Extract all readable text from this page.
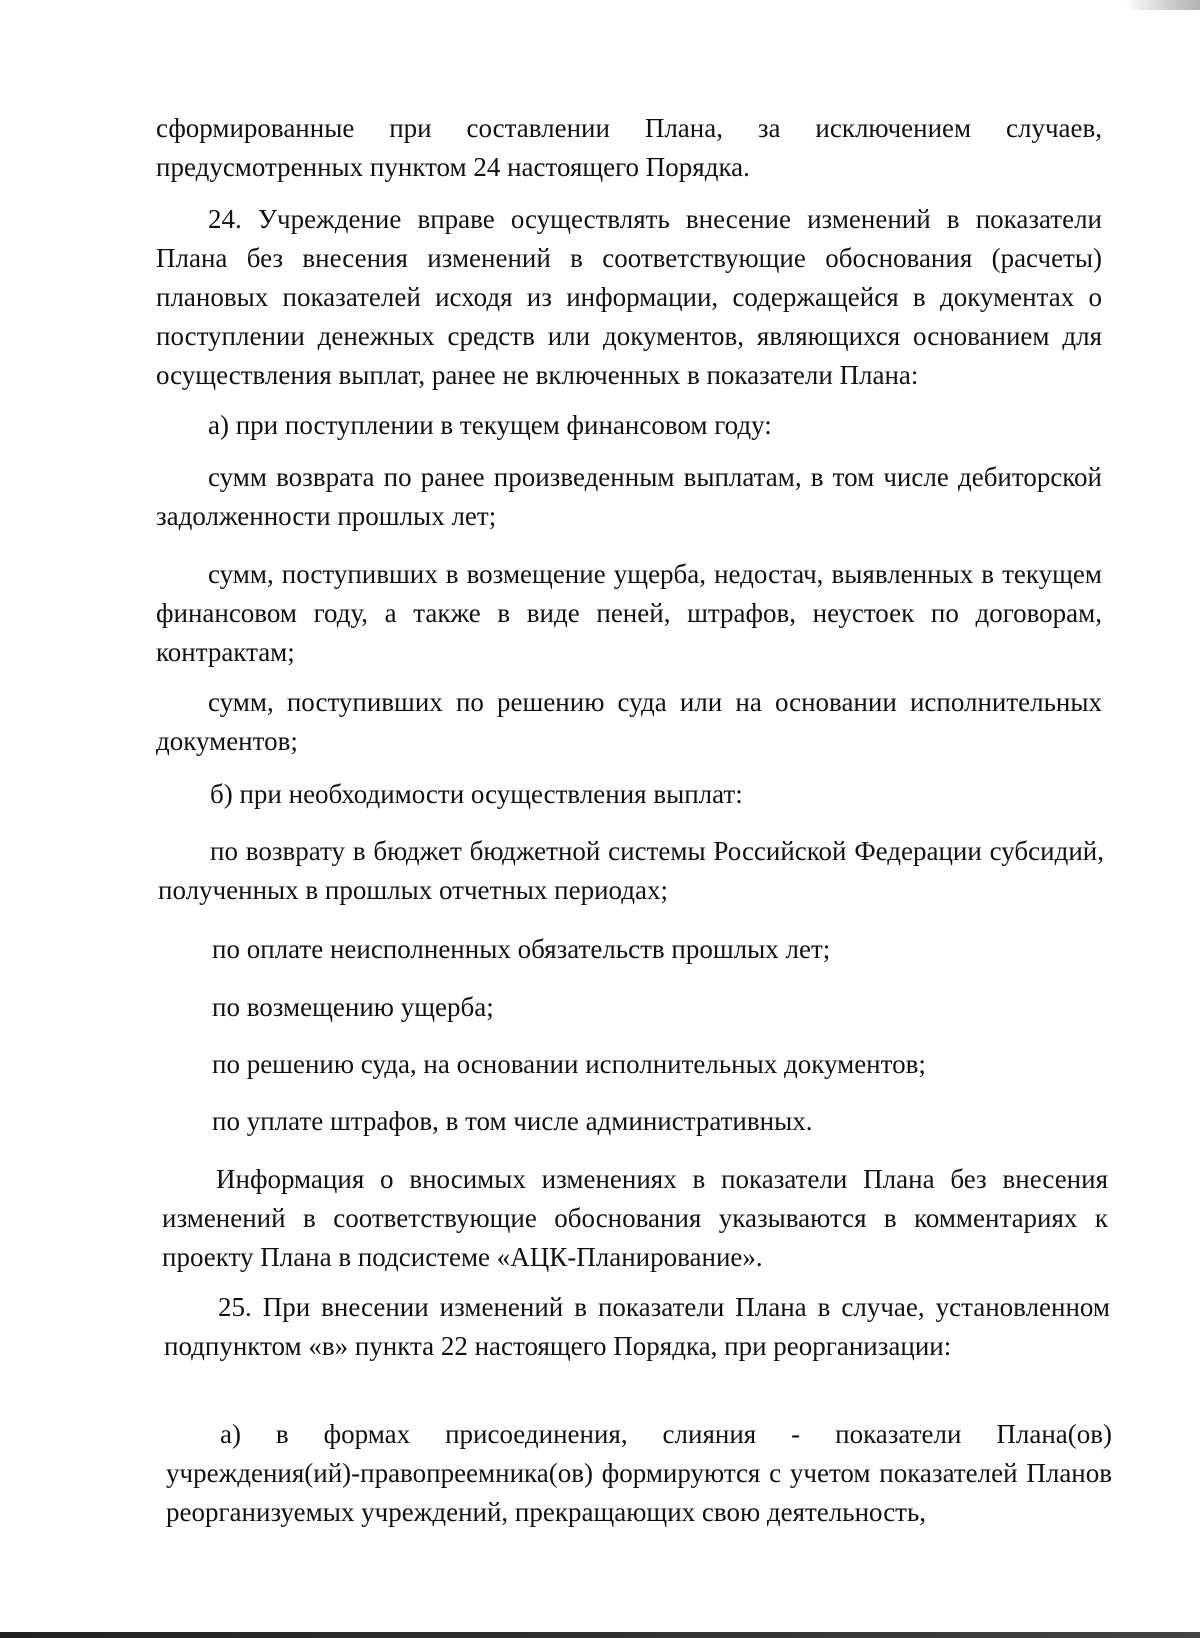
сформированные при составлении Плана, за исключением случаев, предусмотренных пунктом 24 настоящего Порядка.

24. Учреждение вправе осуществлять внесение изменений в показатели Плана без внесения изменений в соответствующие обоснования (расчеты) плановых показателей исходя из информации, содержащейся в документах о поступлении денежных средств или документов, являющихся основанием для осуществления выплат, ранее не включенных в показатели Плана:

а) при поступлении в текущем финансовом году:

сумм возврата по ранее произведенным выплатам, в том числе дебиторской задолженности прошлых лет;

сумм, поступивших в возмещение ущерба, недостач, выявленных в текущем финансовом году, а также в виде пеней, штрафов, неустоек по договорам, контрактам;

сумм, поступивших по решению суда или на основании исполнительных документов;

б) при необходимости осуществления выплат:

по возврату в бюджет бюджетной системы Российской Федерации субсидий, полученных в прошлых отчетных периодах;

по оплате неисполненных обязательств прошлых лет;

по возмещению ущерба;

по решению суда, на основании исполнительных документов;

по уплате штрафов, в том числе административных.

Информация о вносимых изменениях в показатели Плана без внесения изменений в соответствующие обоснования указываются в комментариях к проекту Плана в подсистеме «АЦК-Планирование».

25. При внесении изменений в показатели Плана в случае, установленном подпунктом «в» пункта 22 настоящего Порядка, при реорганизации:

а) в формах присоединения, слияния - показатели Плана(ов) учреждения(ий)-правопреемника(ов) формируются с учетом показателей Планов реорганизуемых учреждений, прекращающих свою деятельность,
